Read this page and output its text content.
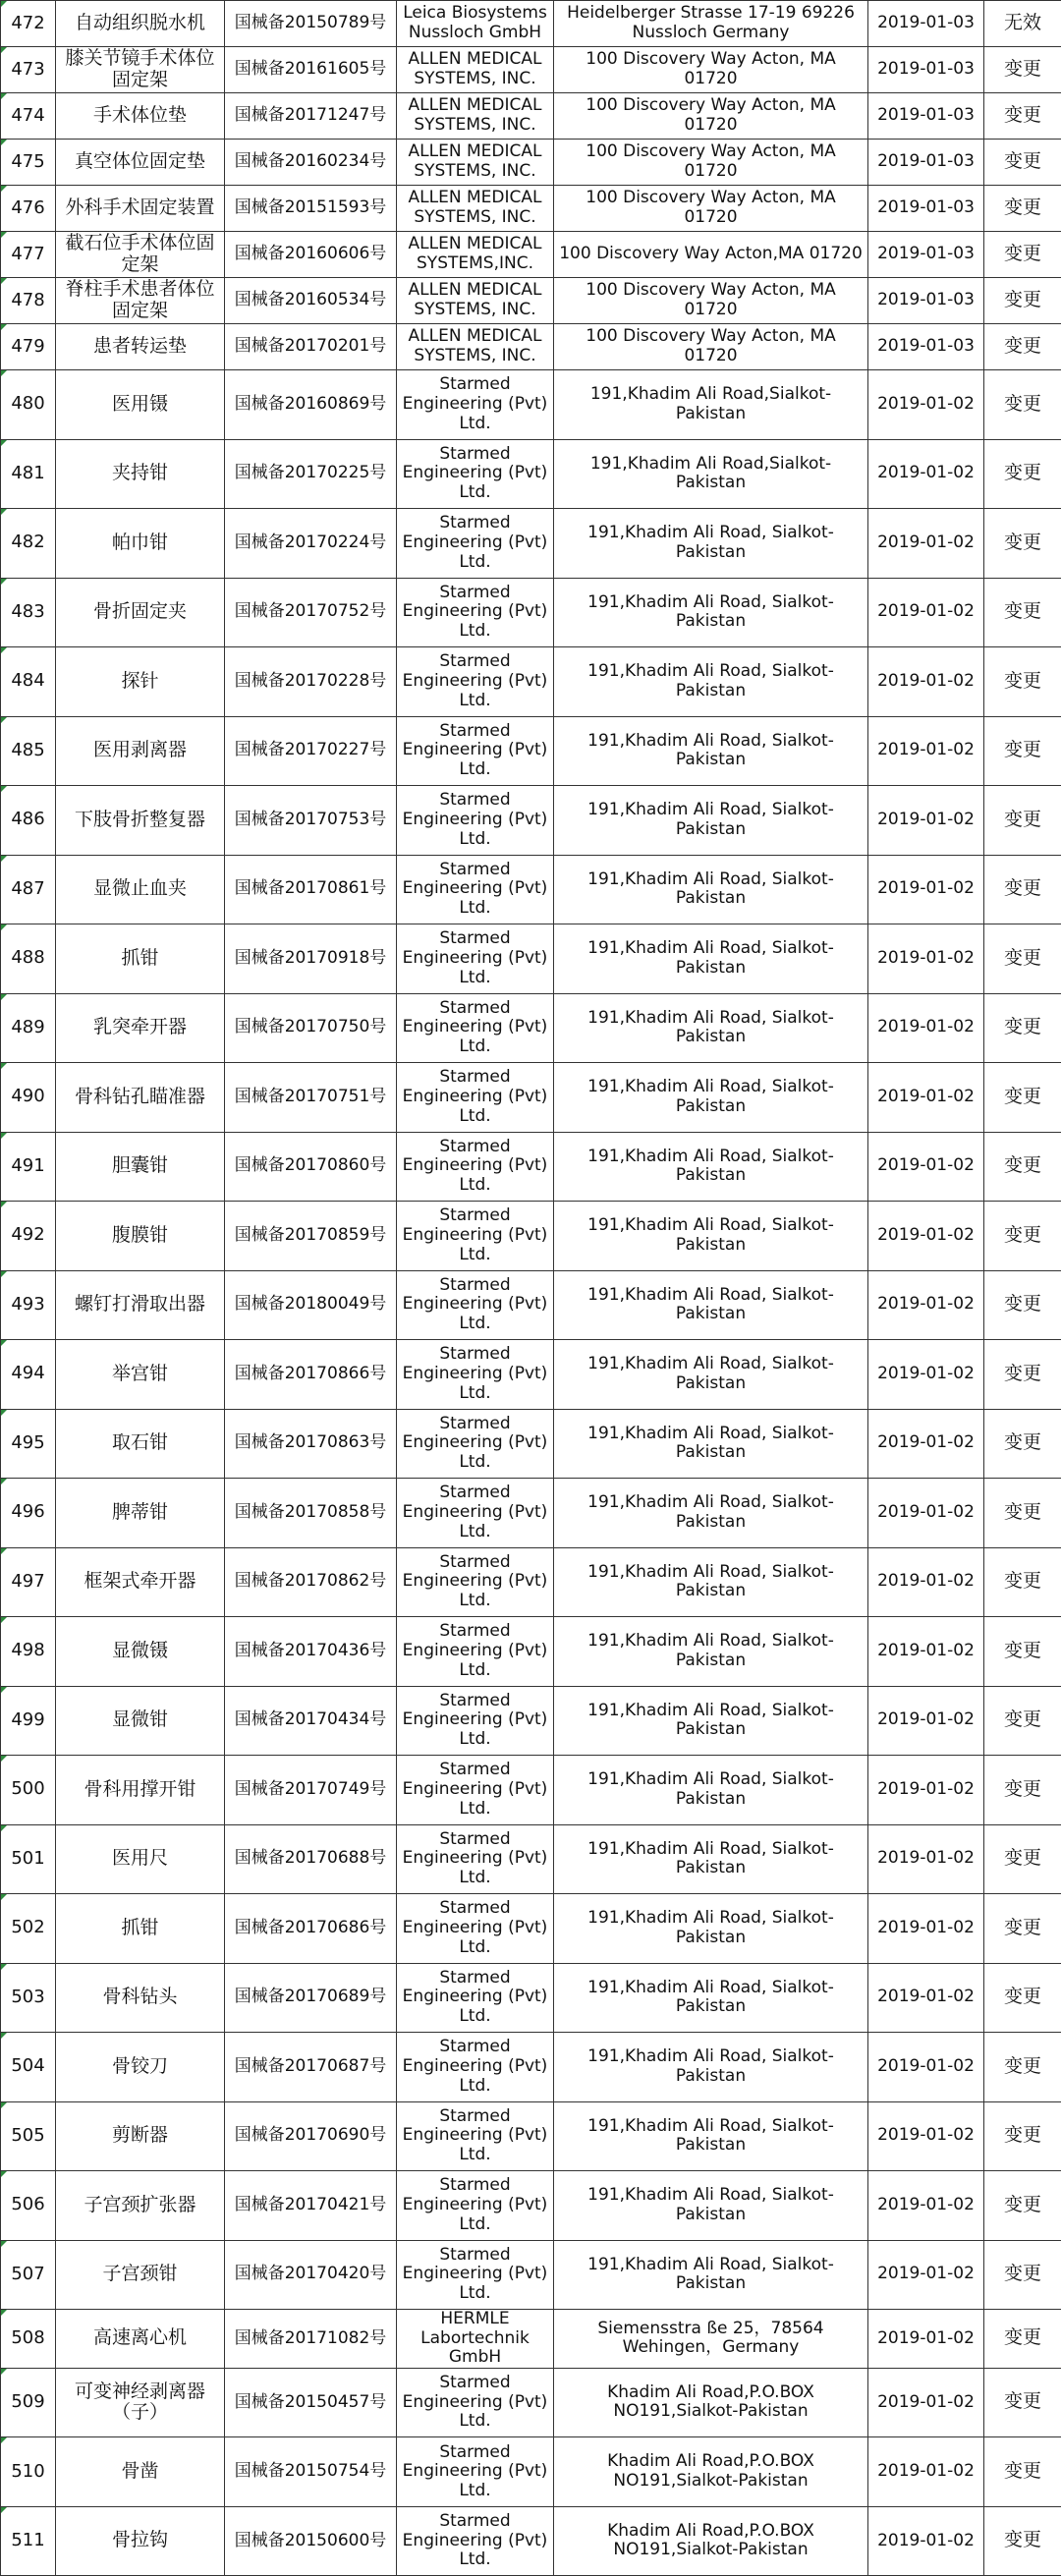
472	自动组织脱水机	国械备20150789号	Leica Biosystems Nussloch GmbH	Heidelberger Strasse 17-19 69226 Nussloch Germany	2019-01-03	无效
473	膝关节镜手术体位固定架	国械备20161605号	ALLEN MEDICAL SYSTEMS, INC.	100 Discovery Way Acton, MA 01720	2019-01-03	变更
474	手术体位垫	国械备20171247号	ALLEN MEDICAL SYSTEMS, INC.	100 Discovery Way Acton, MA 01720	2019-01-03	变更
475	真空体位固定垫	国械备20160234号	ALLEN MEDICAL SYSTEMS, INC.	100 Discovery Way Acton, MA 01720	2019-01-03	变更
476	外科手术固定装置	国械备20151593号	ALLEN MEDICAL SYSTEMS, INC.	100 Discovery Way Acton, MA 01720	2019-01-03	变更
477	截石位手术体位固定架	国械备20160606号	ALLEN MEDICAL SYSTEMS,INC.	100 Discovery Way Acton,MA 01720	2019-01-03	变更
478	脊柱手术患者体位固定架	国械备20160534号	ALLEN MEDICAL SYSTEMS, INC.	100 Discovery Way Acton, MA 01720	2019-01-03	变更
479	患者转运垫	国械备20170201号	ALLEN MEDICAL SYSTEMS, INC.	100 Discovery Way Acton, MA 01720	2019-01-03	变更
480	医用镊	国械备20160869号	Starmed Engineering (Pvt) Ltd.	191,Khadim Ali Road,Sialkot-Pakistan	2019-01-02	变更
481	夹持钳	国械备20170225号	Starmed Engineering (Pvt) Ltd.	191,Khadim Ali Road,Sialkot-Pakistan	2019-01-02	变更
482	帕巾钳	国械备20170224号	Starmed Engineering (Pvt) Ltd.	191,Khadim Ali Road, Sialkot-Pakistan	2019-01-02	变更
483	骨折固定夹	国械备20170752号	Starmed Engineering (Pvt) Ltd.	191,Khadim Ali Road, Sialkot-Pakistan	2019-01-02	变更
484	探针	国械备20170228号	Starmed Engineering (Pvt) Ltd.	191,Khadim Ali Road, Sialkot-Pakistan	2019-01-02	变更
485	医用剥离器	国械备20170227号	Starmed Engineering (Pvt) Ltd.	191,Khadim Ali Road, Sialkot-Pakistan	2019-01-02	变更
486	下肢骨折整复器	国械备20170753号	Starmed Engineering (Pvt) Ltd.	191,Khadim Ali Road, Sialkot-Pakistan	2019-01-02	变更
487	显微止血夹	国械备20170861号	Starmed Engineering (Pvt) Ltd.	191,Khadim Ali Road, Sialkot-Pakistan	2019-01-02	变更
488	抓钳	国械备20170918号	Starmed Engineering (Pvt) Ltd.	191,Khadim Ali Road, Sialkot-Pakistan	2019-01-02	变更
489	乳突牵开器	国械备20170750号	Starmed Engineering (Pvt) Ltd.	191,Khadim Ali Road, Sialkot-Pakistan	2019-01-02	变更
490	骨科钻孔瞄准器	国械备20170751号	Starmed Engineering (Pvt) Ltd.	191,Khadim Ali Road, Sialkot-Pakistan	2019-01-02	变更
491	胆囊钳	国械备20170860号	Starmed Engineering (Pvt) Ltd.	191,Khadim Ali Road, Sialkot-Pakistan	2019-01-02	变更
492	腹膜钳	国械备20170859号	Starmed Engineering (Pvt) Ltd.	191,Khadim Ali Road, Sialkot-Pakistan	2019-01-02	变更
493	螺钉打滑取出器	国械备20180049号	Starmed Engineering (Pvt) Ltd.	191,Khadim Ali Road, Sialkot-Pakistan	2019-01-02	变更
494	举宫钳	国械备20170866号	Starmed Engineering (Pvt) Ltd.	191,Khadim Ali Road, Sialkot-Pakistan	2019-01-02	变更
495	取石钳	国械备20170863号	Starmed Engineering (Pvt) Ltd.	191,Khadim Ali Road, Sialkot-Pakistan	2019-01-02	变更
496	脾蒂钳	国械备20170858号	Starmed Engineering (Pvt) Ltd.	191,Khadim Ali Road, Sialkot-Pakistan	2019-01-02	变更
497	框架式牵开器	国械备20170862号	Starmed Engineering (Pvt) Ltd.	191,Khadim Ali Road, Sialkot-Pakistan	2019-01-02	变更
498	显微镊	国械备20170436号	Starmed Engineering (Pvt) Ltd.	191,Khadim Ali Road, Sialkot-Pakistan	2019-01-02	变更
499	显微钳	国械备20170434号	Starmed Engineering (Pvt) Ltd.	191,Khadim Ali Road, Sialkot-Pakistan	2019-01-02	变更
500	骨科用撑开钳	国械备20170749号	Starmed Engineering (Pvt) Ltd.	191,Khadim Ali Road, Sialkot-Pakistan	2019-01-02	变更
501	医用尺	国械备20170688号	Starmed Engineering (Pvt) Ltd.	191,Khadim Ali Road, Sialkot-Pakistan	2019-01-02	变更
502	抓钳	国械备20170686号	Starmed Engineering (Pvt) Ltd.	191,Khadim Ali Road, Sialkot-Pakistan	2019-01-02	变更
503	骨科钻头	国械备20170689号	Starmed Engineering (Pvt) Ltd.	191,Khadim Ali Road, Sialkot-Pakistan	2019-01-02	变更
504	骨铰刀	国械备20170687号	Starmed Engineering (Pvt) Ltd.	191,Khadim Ali Road, Sialkot-Pakistan	2019-01-02	变更
505	剪断器	国械备20170690号	Starmed Engineering (Pvt) Ltd.	191,Khadim Ali Road, Sialkot-Pakistan	2019-01-02	变更
506	子宫颈扩张器	国械备20170421号	Starmed Engineering (Pvt) Ltd.	191,Khadim Ali Road, Sialkot-Pakistan	2019-01-02	变更
507	子宫颈钳	国械备20170420号	Starmed Engineering (Pvt) Ltd.	191,Khadim Ali Road, Sialkot-Pakistan	2019-01-02	变更
508	高速离心机	国械备20171082号	HERMLE Labortechnik GmbH	Siemensstra ße 25，78564 Wehingen，Germany	2019-01-02	变更
509	可变神经剥离器（子）	国械备20150457号	Starmed Engineering (Pvt) Ltd.	Khadim Ali Road,P.O.BOX NO191,Sialkot-Pakistan	2019-01-02	变更
510	骨凿	国械备20150754号	Starmed Engineering (Pvt) Ltd.	Khadim Ali Road,P.O.BOX NO191,Sialkot-Pakistan	2019-01-02	变更
511	骨拉钩	国械备20150600号	Starmed Engineering (Pvt) Ltd.	Khadim Ali Road,P.O.BOX NO191,Sialkot-Pakistan	2019-01-02	变更
